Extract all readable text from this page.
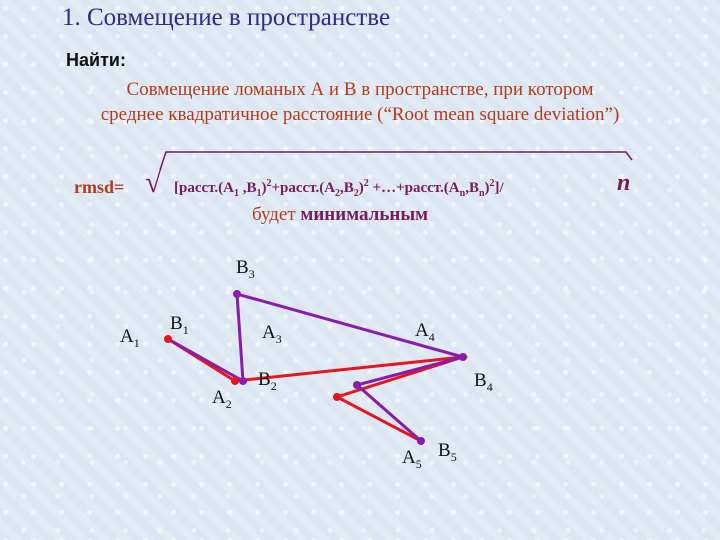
1. Совмещение в пространстве
Найти:
Совмещение ломаных А и В в пространстве, при котором
среднее квадратичное расстояние (“Root mean square deviation”)
rmsd= √ [$расст.(A_1$ $,B_1)^2+расст.(A_2,B_2)^2$ $+\dots+расст.(A_n,B_n)^2]/$	n
будет минимальным
$B_3$
$A_1$
$B_1$	$A_3$	$A_4$
$B_2$
$A_2$
$B_4$
$A_5$
$B_5$
